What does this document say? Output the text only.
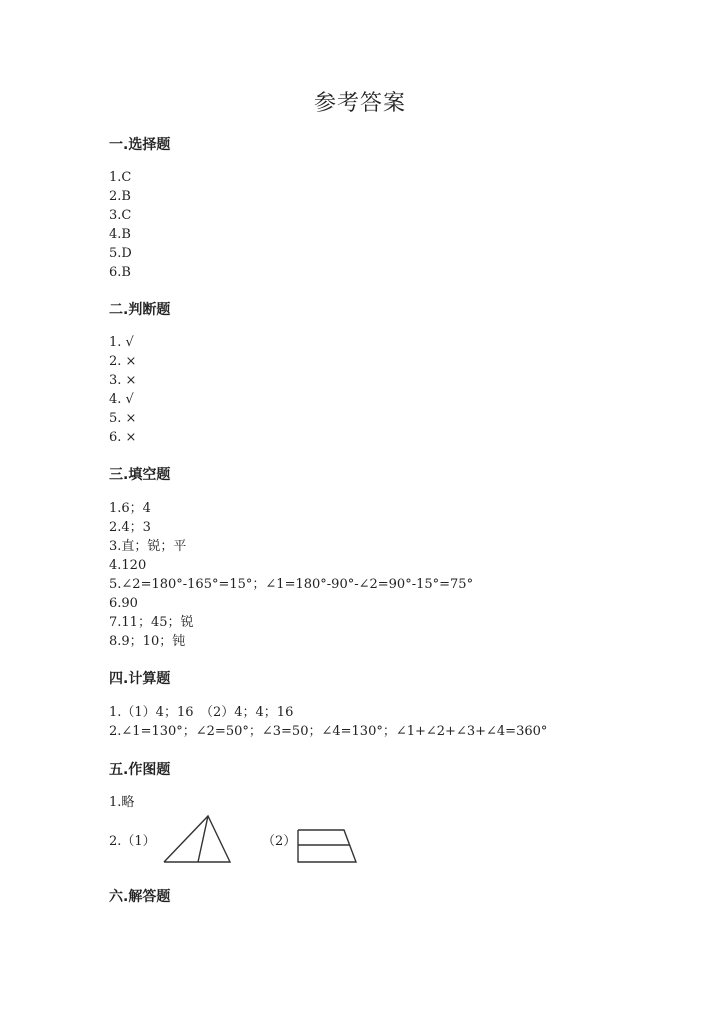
参考答案
一.选择题
1.C
2.B
3.C
4.B
5.D
6.B
二.判断题
1. √
2. ×
3. ×
4. √
5. ×
6. ×
三.填空题
1.6；4
2.4；3
3.直；锐；平
4.120
5.∠2=180°-165°=15°；∠1=180°-90°-∠2=90°-15°=75°
6.90
7.11；45；锐
8.9；10；钝
四.计算题
1.（1）4；16　（2）4；4；16
2.∠1=130°；∠2=50°；∠3=50；∠4=130°；∠1+∠2+∠3+∠4=360°
五.作图题
1.略
2.（1）	（2）
六.解答题
